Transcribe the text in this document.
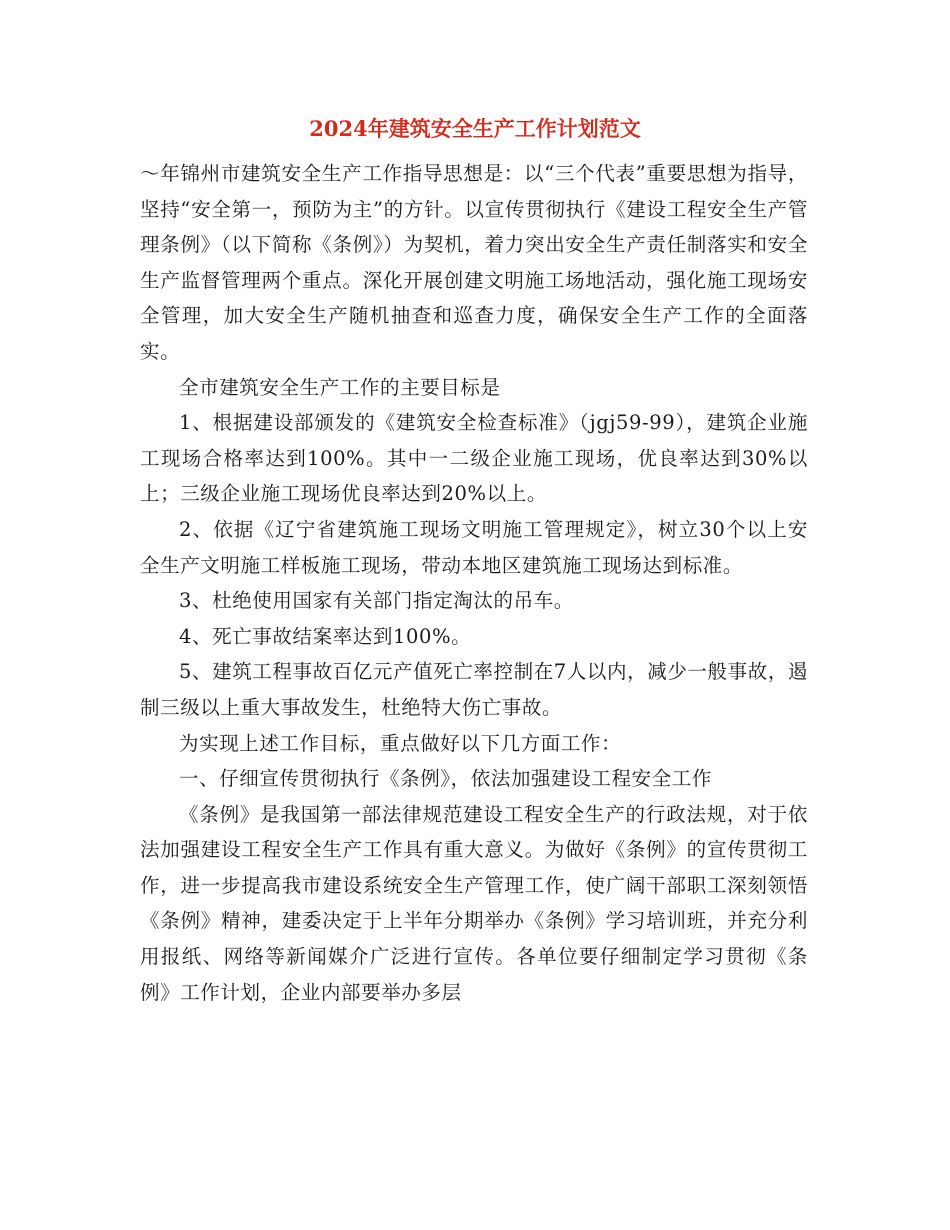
2024年建筑安全生产工作计划范文

～年锦州市建筑安全生产工作指导思想是：以“三个代表”重要思想为指导，坚持“安全第一，预防为主”的方针。以宣传贯彻执行《建设工程安全生产管理条例》（以下简称《条例》）为契机，着力突出安全生产责任制落实和安全生产监督管理两个重点。深化开展创建文明施工场地活动，强化施工现场安全管理，加大安全生产随机抽查和巡查力度，确保安全生产工作的全面落实。

全市建筑安全生产工作的主要目标是

1、根据建设部颁发的《建筑安全检查标准》（jgj59-99），建筑企业施工现场合格率达到100%。其中一二级企业施工现场，优良率达到30%以上；三级企业施工现场优良率达到20%以上。

2、依据《辽宁省建筑施工现场文明施工管理规定》，树立30个以上安全生产文明施工样板施工现场，带动本地区建筑施工现场达到标准。

3、杜绝使用国家有关部门指定淘汰的吊车。

4、死亡事故结案率达到100%。

5、建筑工程事故百亿元产值死亡率控制在7人以内，减少一般事故，遏制三级以上重大事故发生，杜绝特大伤亡事故。

为实现上述工作目标，重点做好以下几方面工作：

一、仔细宣传贯彻执行《条例》，依法加强建设工程安全工作

《条例》是我国第一部法律规范建设工程安全生产的行政法规，对于依法加强建设工程安全生产工作具有重大意义。为做好《条例》的宣传贯彻工作，进一步提高我市建设系统安全生产管理工作，使广阔干部职工深刻领悟《条例》精神，建委决定于上半年分期举办《条例》学习培训班，并充分利用报纸、网络等新闻媒介广泛进行宣传。各单位要仔细制定学习贯彻《条例》工作计划，企业内部要举办多层
